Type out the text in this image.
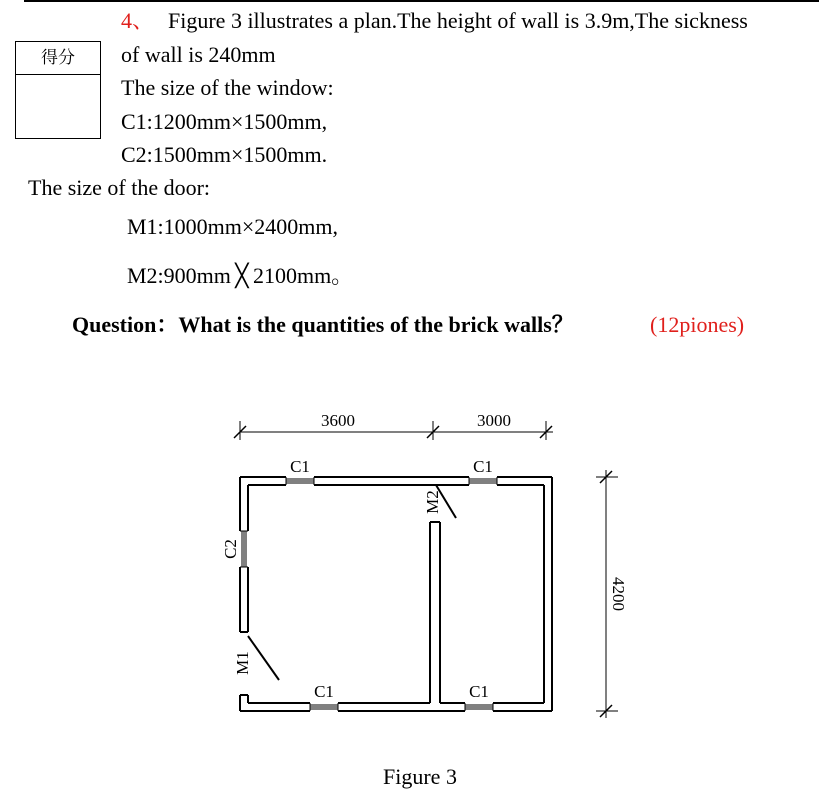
得分
4、 Figure 3 illustrates a plan.The height of wall is 3.9m,The sickness
of wall is 240mm
The size of the window:
C1:1200mm×1500mm,
C2:1500mm×1500mm.
The size of the door:
M1:1000mm×2400mm,
M2:900mm ╳ 2100mm。
Question：What is the quantities of the brick walls？	(12piones)
3600	3000
4200
C1	C1
C1	C1
C2
M1
M2
Figure 3
